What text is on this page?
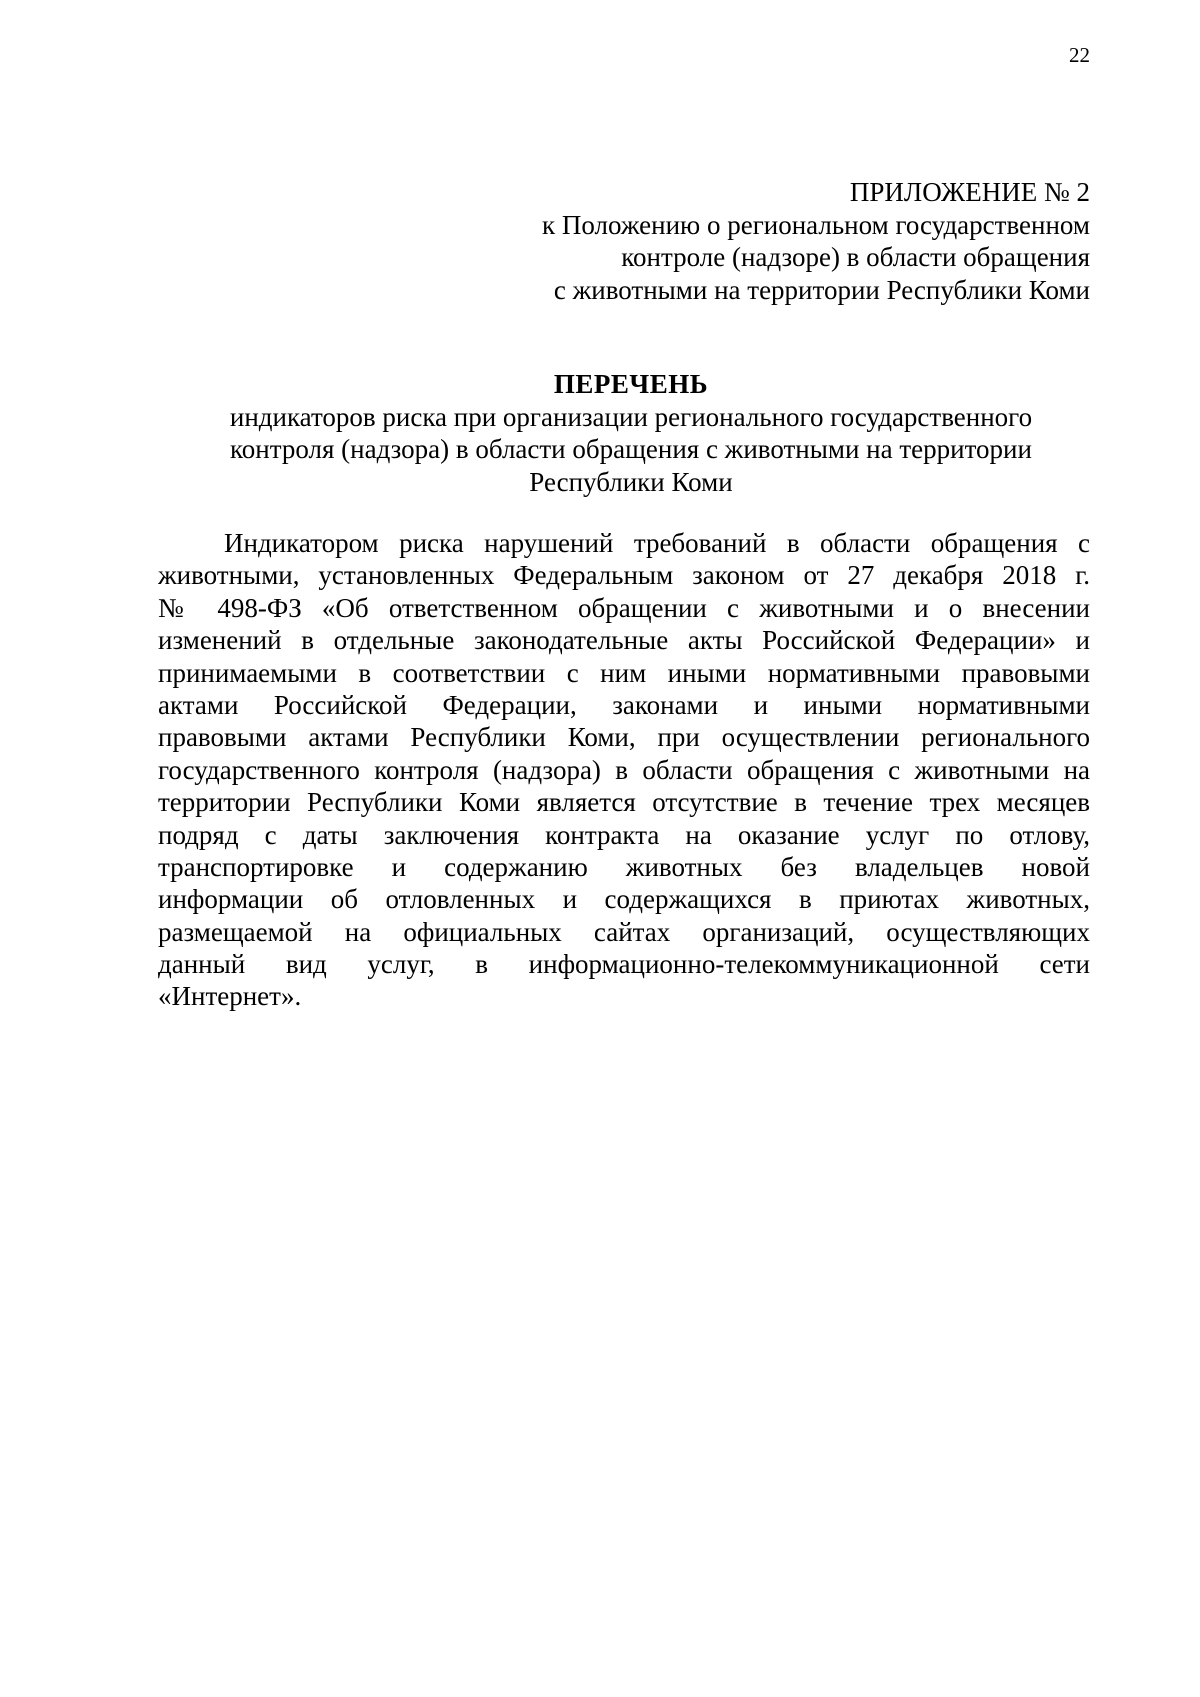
22
ПРИЛОЖЕНИЕ № 2
к Положению о региональном государственном
контроле (надзоре) в области обращения
с животными на территории Республики Коми
ПЕРЕЧЕНЬ
индикаторов риска при организации регионального государственного
контроля (надзора) в области обращения с животными на территории
Республики Коми
Индикатором риска нарушений требований в области обращения с
животными, установленных Федеральным законом от 27 декабря 2018 г.
№ 498-ФЗ «Об ответственном обращении с животными и о внесении
изменений в отдельные законодательные акты Российской Федерации» и
принимаемыми в соответствии с ним иными нормативными правовыми
актами Российской Федерации, законами и иными нормативными
правовыми актами Республики Коми, при осуществлении регионального
государственного контроля (надзора) в области обращения с животными на
территории Республики Коми является отсутствие в течение трех месяцев
подряд с даты заключения контракта на оказание услуг по отлову,
транспортировке и содержанию животных без владельцев новой
информации об отловленных и содержащихся в приютах животных,
размещаемой на официальных сайтах организаций, осуществляющих
данный вид услуг, в информационно-телекоммуникационной сети
«Интернет».
